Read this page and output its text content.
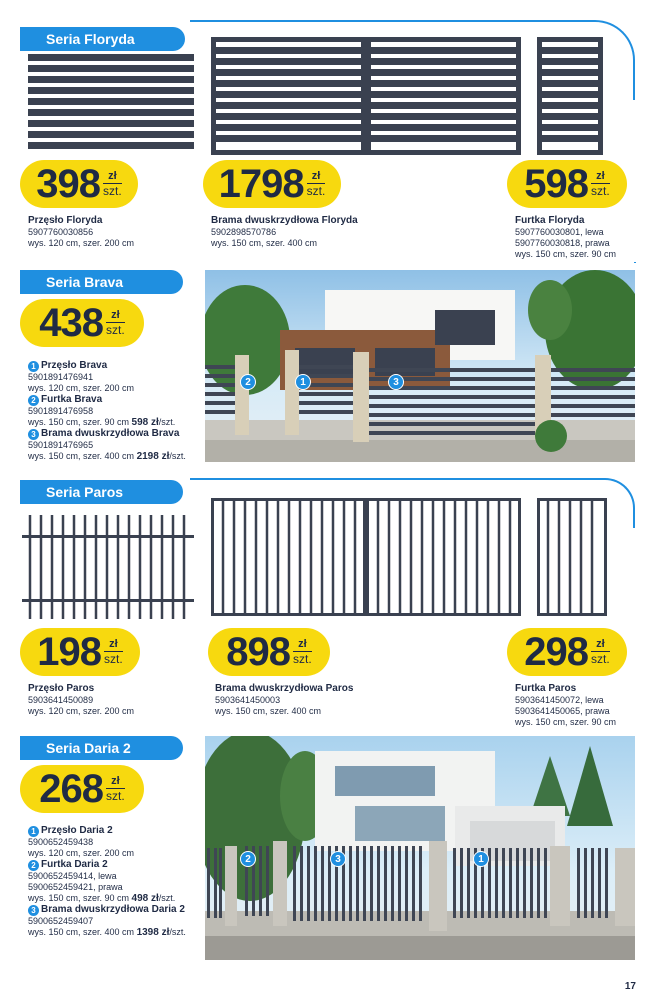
Seria Floryda
398 zł
szt. 1798 zł
szt.	598 zł
szt.
Przęsło Floryda
5907760030856
wys. 120 cm, szer. 200 cm
Brama dwuskrzydłowa Floryda
5902898570786
wys. 150 cm, szer. 400 cm
Furtka Floryda
5907760030801, lewa
5907760030818, prawa
wys. 150 cm, szer. 90 cm
Seria Brava
438 zł
szt.
1 Przęsło Brava
5901891476941
wys. 120 cm, szer. 200 cm
2 Furtka Brava
5901891476958
wys. 150 cm, szer. 90 cm 598 zł/szt.
3 Brama dwuskrzydłowa Brava
5901891476965
wys. 150 cm, szer. 400 cm 2198 zł/szt.
2	1	3
Seria Paros
198 zł
szt.	898 zł
szt.	298 zł
szt.
Przęsło Paros
5903641450089
wys. 120 cm, szer. 200 cm
Brama dwuskrzydłowa Paros
5903641450003
wys. 150 cm, szer. 400 cm
Furtka Paros
5903641450072, lewa
5903641450065, prawa
wys. 150 cm, szer. 90 cm
Seria Daria 2
268 zł
szt.
1 Przęsło Daria 2
5900652459438
wys. 120 cm, szer. 200 cm
2 Furtka Daria 2
5900652459414, lewa
5900652459421, prawa
wys. 150 cm, szer. 90 cm 498 zł/szt.
3 Brama dwuskrzydłowa Daria 2
5900652459407
wys. 150 cm, szer. 400 cm 1398 zł/szt.
2	3	1
17
